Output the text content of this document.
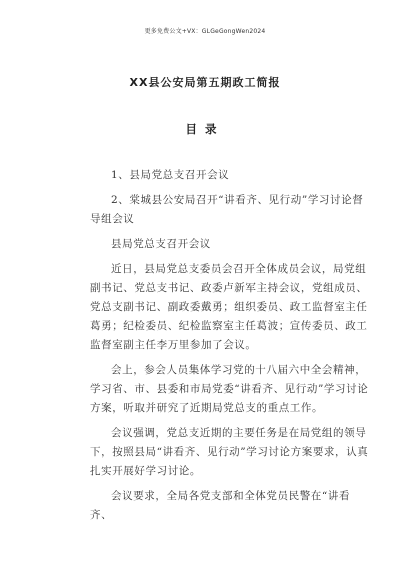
更多免费公文+VX：GLGeGongWen2024
XX县公安局第五期政工简报
目录

1、县局党总支召开会议

2、棠城县公安局召开“讲看齐、见行动”学习讨论督导组会议

县局党总支召开会议

近日，县局党总支委员会召开全体成员会议，局党组副书记、党总支书记、政委卢新军主持会议，党组成员、党总支副书记、副政委戴勇；组织委员、政工监督室主任葛勇；纪检委员、纪检监察室主任葛波；宣传委员、政工监督室副主任李万里参加了会议。

会上，参会人员集体学习党的十八届六中全会精神，学习省、市、县委和市局党委“讲看齐、见行动”学习讨论方案，听取并研究了近期局党总支的重点工作。

会议强调，党总支近期的主要任务是在局党组的领导下，按照县局“讲看齐、见行动”学习讨论方案要求，认真扎实开展好学习讨论。

会议要求，全局各党支部和全体党员民警在“讲看齐、
